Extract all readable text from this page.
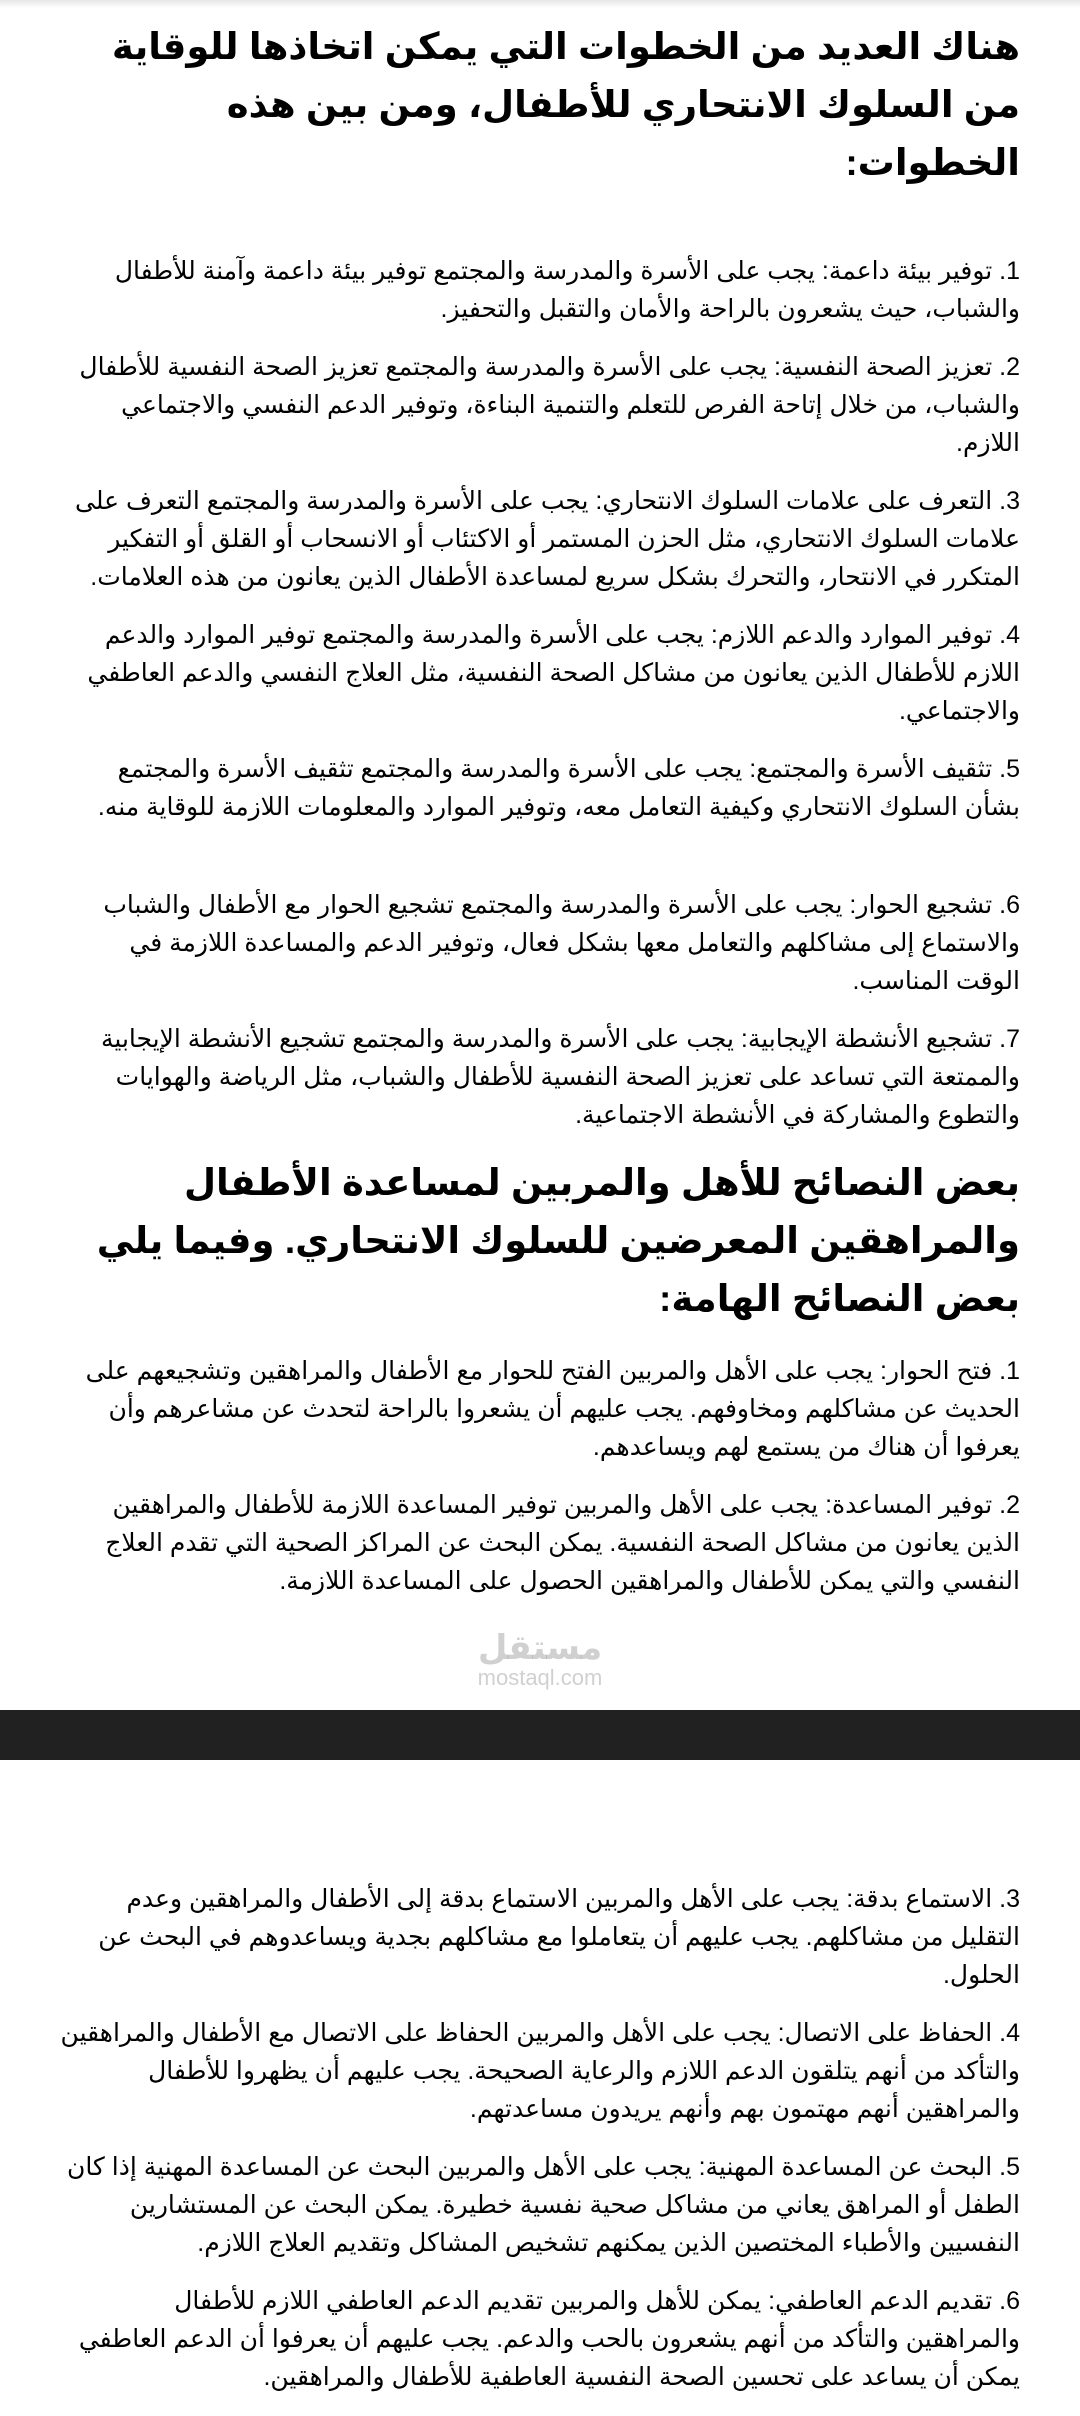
هناك العديد من الخطوات التي يمكن اتخاذها للوقاية من السلوك الانتحاري للأطفال، ومن بين هذه الخطوات:

1. توفير بيئة داعمة: يجب على الأسرة والمدرسة والمجتمع توفير بيئة داعمة وآمنة للأطفال والشباب، حيث يشعرون بالراحة والأمان والتقبل والتحفيز.

2. تعزيز الصحة النفسية: يجب على الأسرة والمدرسة والمجتمع تعزيز الصحة النفسية للأطفال والشباب، من خلال إتاحة الفرص للتعلم والتنمية البناءة، وتوفير الدعم النفسي والاجتماعي اللازم.

3. التعرف على علامات السلوك الانتحاري: يجب على الأسرة والمدرسة والمجتمع التعرف على علامات السلوك الانتحاري، مثل الحزن المستمر أو الاكتئاب أو الانسحاب أو القلق أو التفكير المتكرر في الانتحار، والتحرك بشكل سريع لمساعدة الأطفال الذين يعانون من هذه العلامات.

4. توفير الموارد والدعم اللازم: يجب على الأسرة والمدرسة والمجتمع توفير الموارد والدعم اللازم للأطفال الذين يعانون من مشاكل الصحة النفسية، مثل العلاج النفسي والدعم العاطفي والاجتماعي.

5. تثقيف الأسرة والمجتمع: يجب على الأسرة والمدرسة والمجتمع تثقيف الأسرة والمجتمع بشأن السلوك الانتحاري وكيفية التعامل معه، وتوفير الموارد والمعلومات اللازمة للوقاية منه.

6. تشجيع الحوار: يجب على الأسرة والمدرسة والمجتمع تشجيع الحوار مع الأطفال والشباب والاستماع إلى مشاكلهم والتعامل معها بشكل فعال، وتوفير الدعم والمساعدة اللازمة في الوقت المناسب.

7. تشجيع الأنشطة الإيجابية: يجب على الأسرة والمدرسة والمجتمع تشجيع الأنشطة الإيجابية والممتعة التي تساعد على تعزيز الصحة النفسية للأطفال والشباب، مثل الرياضة والهوايات والتطوع والمشاركة في الأنشطة الاجتماعية.

بعض النصائح للأهل والمربين لمساعدة الأطفال والمراهقين المعرضين للسلوك الانتحاري. وفيما يلي بعض النصائح الهامة:

1. فتح الحوار: يجب على الأهل والمربين الفتح للحوار مع الأطفال والمراهقين وتشجيعهم على الحديث عن مشاكلهم ومخاوفهم. يجب عليهم أن يشعروا بالراحة لتحدث عن مشاعرهم وأن يعرفوا أن هناك من يستمع لهم ويساعدهم.

2. توفير المساعدة: يجب على الأهل والمربين توفير المساعدة اللازمة للأطفال والمراهقين الذين يعانون من مشاكل الصحة النفسية. يمكن البحث عن المراكز الصحية التي تقدم العلاج النفسي والتي يمكن للأطفال والمراهقين الحصول على المساعدة اللازمة.

مستقل
mostaql.com

3. الاستماع بدقة: يجب على الأهل والمربين الاستماع بدقة إلى الأطفال والمراهقين وعدم التقليل من مشاكلهم. يجب عليهم أن يتعاملوا مع مشاكلهم بجدية ويساعدوهم في البحث عن الحلول.

4. الحفاظ على الاتصال: يجب على الأهل والمربين الحفاظ على الاتصال مع الأطفال والمراهقين والتأكد من أنهم يتلقون الدعم اللازم والرعاية الصحيحة. يجب عليهم أن يظهروا للأطفال والمراهقين أنهم مهتمون بهم وأنهم يريدون مساعدتهم.

5. البحث عن المساعدة المهنية: يجب على الأهل والمربين البحث عن المساعدة المهنية إذا كان الطفل أو المراهق يعاني من مشاكل صحية نفسية خطيرة. يمكن البحث عن المستشارين النفسيين والأطباء المختصين الذين يمكنهم تشخيص المشاكل وتقديم العلاج اللازم.

6. تقديم الدعم العاطفي: يمكن للأهل والمربين تقديم الدعم العاطفي اللازم للأطفال والمراهقين والتأكد من أنهم يشعرون بالحب والدعم. يجب عليهم أن يعرفوا أن الدعم العاطفي يمكن أن يساعد على تحسين الصحة النفسية العاطفية للأطفال والمراهقين.
